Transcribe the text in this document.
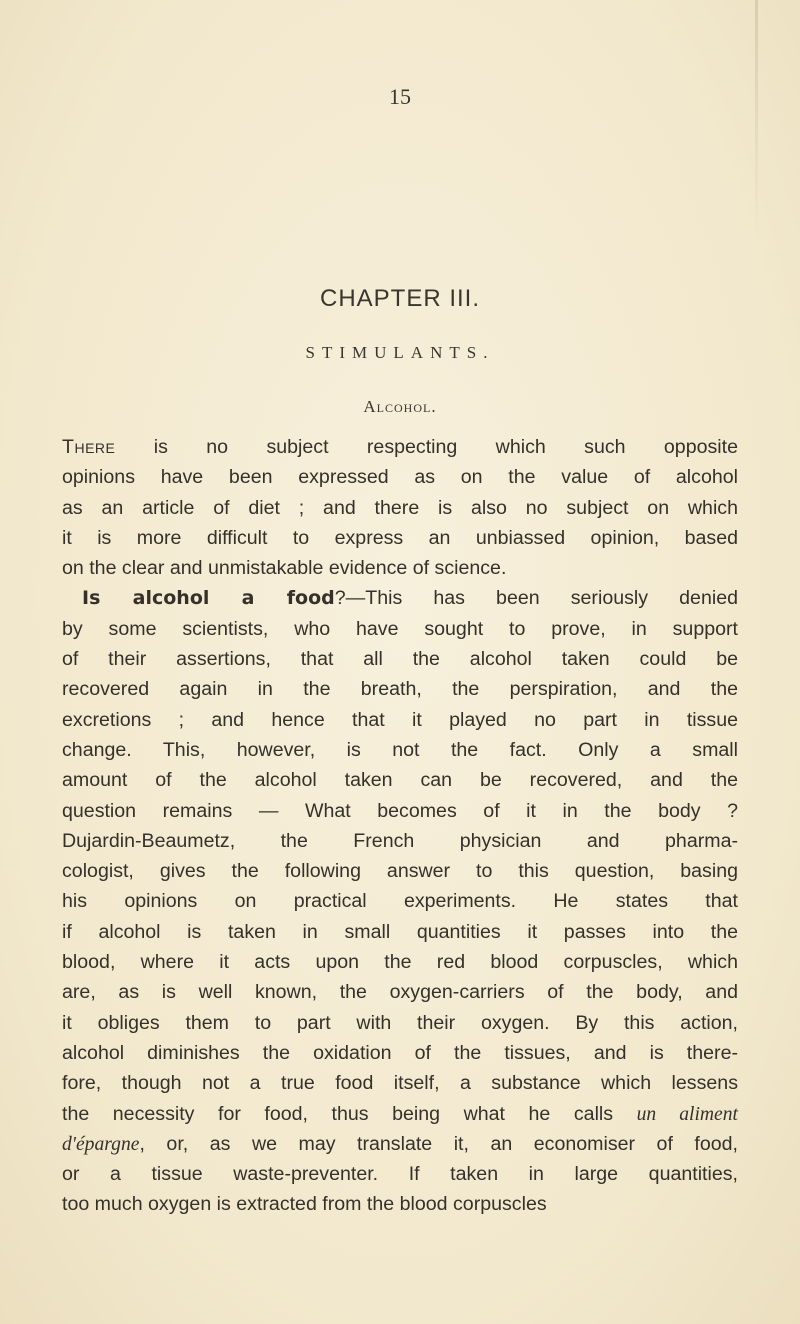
15
CHAPTER III.
STIMULANTS.
Alcohol.
There is no subject respecting which such opposite
opinions have been expressed as on the value of alcohol
as an article of diet ; and there is also no subject on which
it is more difficult to express an unbiassed opinion, based
on the clear and unmistakable evidence of science.
Is alcohol a food?—This has been seriously denied
by some scientists, who have sought to prove, in support
of their assertions, that all the alcohol taken could be
recovered again in the breath, the perspiration, and the
excretions ; and hence that it played no part in tissue
change. This, however, is not the fact. Only a small
amount of the alcohol taken can be recovered, and the
question remains — What becomes of it in the body ?
Dujardin-Beaumetz, the French physician and pharma-
cologist, gives the following answer to this question, basing
his opinions on practical experiments. He states that
if alcohol is taken in small quantities it passes into the
blood, where it acts upon the red blood corpuscles, which
are, as is well known, the oxygen-carriers of the body, and
it obliges them to part with their oxygen. By this action,
alcohol diminishes the oxidation of the tissues, and is there-
fore, though not a true food itself, a substance which lessens
the necessity for food, thus being what he calls un aliment
d'épargne, or, as we may translate it, an economiser of food,
or a tissue waste-preventer. If taken in large quantities,
too much oxygen is extracted from the blood corpuscles
